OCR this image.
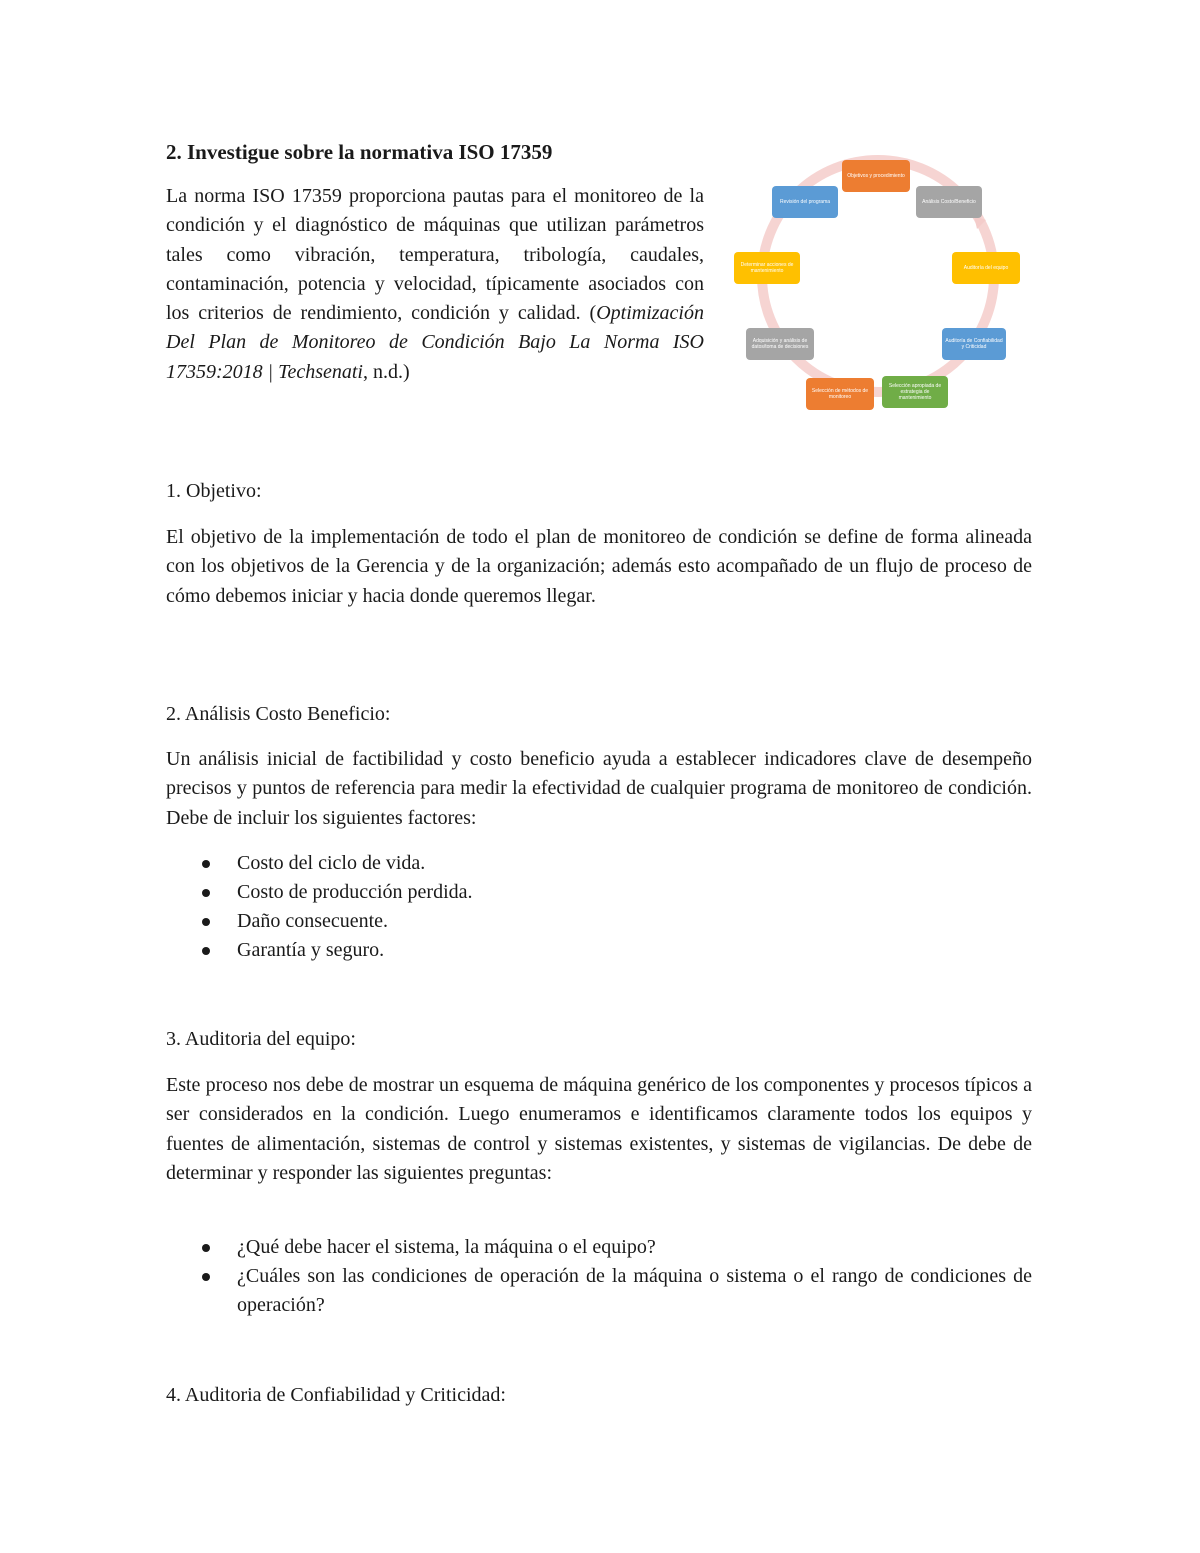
2. Investigue sobre la normativa ISO 17359

La norma ISO 17359 proporciona pautas para el monitoreo de la condición y el diagnóstico de máquinas que utilizan parámetros tales como vibración, temperatura, tribología, caudales, contaminación, potencia y velocidad, típicamente asociados con los criterios de rendimiento, condición y calidad. (Optimización Del Plan de Monitoreo de Condición Bajo La Norma ISO 17359:2018 | Techsenati, n.d.)

Objetivos y procedimiento
Análisis Costo/Beneficio
Auditoría del equipo
Auditoría de Confiabilidad y Criticidad
Selección apropiada de estrategia de mantenimiento
Selección de métodos de monitoreo
Adquisición y análisis de datos/toma de decisiones
Determinar acciones de mantenimiento
Revisión del programa

1. Objetivo:

El objetivo de la implementación de todo el plan de monitoreo de condición se define de forma alineada con los objetivos de la Gerencia y de la organización; además esto acompañado de un flujo de proceso de cómo debemos iniciar y hacia donde queremos llegar.

2. Análisis Costo Beneficio:

Un análisis inicial de factibilidad y costo beneficio ayuda a establecer indicadores clave de desempeño precisos y puntos de referencia para medir la efectividad de cualquier programa de monitoreo de condición. Debe de incluir los siguientes factores:

Costo del ciclo de vida.
Costo de producción perdida.
Daño consecuente.
Garantía y seguro.

3. Auditoria del equipo:

Este proceso nos debe de mostrar un esquema de máquina genérico de los componentes y procesos típicos a ser considerados en la condición. Luego enumeramos e identificamos claramente todos los equipos y fuentes de alimentación, sistemas de control y sistemas existentes, y sistemas de vigilancias. De debe de determinar y responder las siguientes preguntas:

¿Qué debe hacer el sistema, la máquina o el equipo?
¿Cuáles son las condiciones de operación de la máquina o sistema o el rango de condiciones de operación?

4. Auditoria de Confiabilidad y Criticidad:
